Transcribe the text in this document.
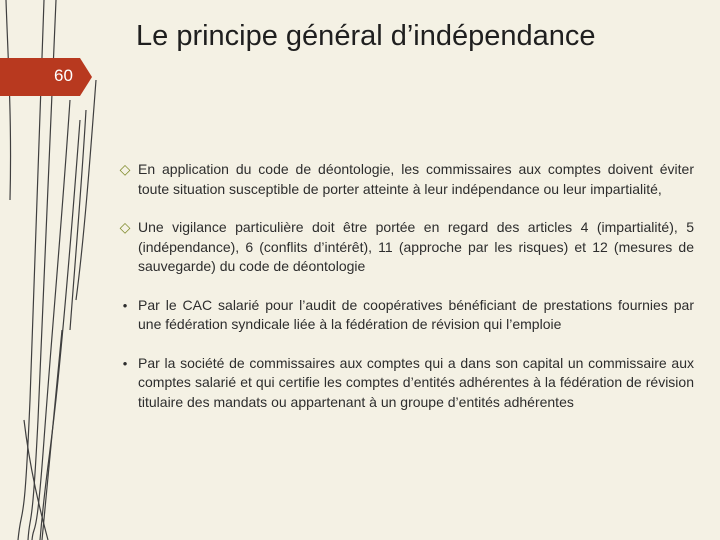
Le principe général d’indépendance
60
◇ En application du code de déontologie, les commissaires aux comptes doivent éviter toute situation susceptible de porter atteinte à leur indépendance ou leur impartialité,
◇ Une vigilance particulière doit être portée en regard des articles 4 (impartialité), 5 (indépendance), 6 (conflits d’intérêt), 11 (approche par les risques) et 12 (mesures de sauvegarde) du code de déontologie
• Par le CAC salarié pour l’audit de coopératives bénéficiant de prestations fournies par une fédération syndicale liée à la fédération de révision qui l’emploie
• Par la société de commissaires aux comptes qui a dans son capital un commissaire aux comptes salarié et qui certifie les comptes d’entités adhérentes à la fédération de révision titulaire des mandats ou appartenant à un groupe d’entités adhérentes
